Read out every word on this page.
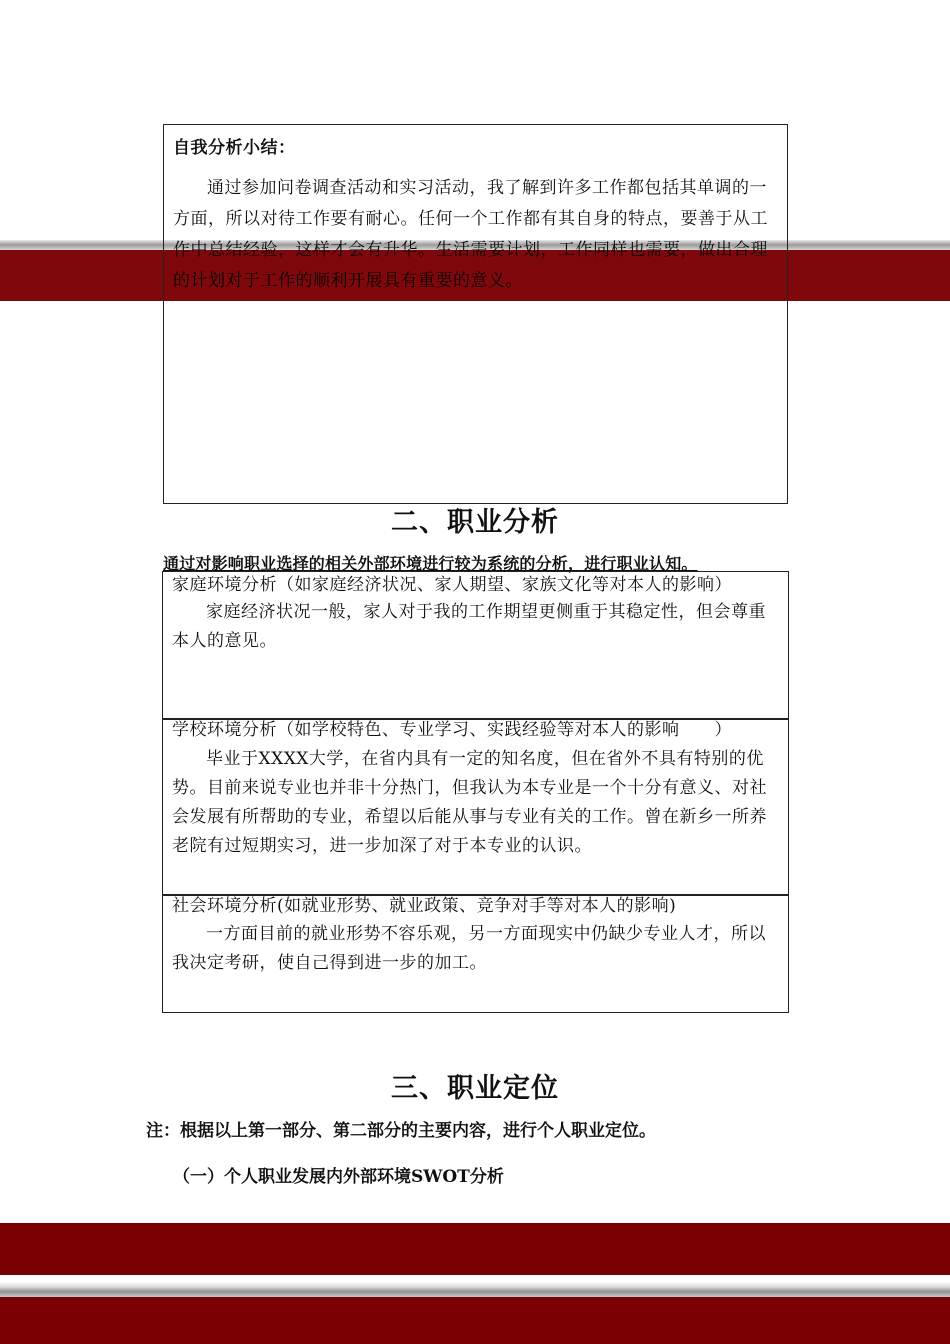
自我分析小结：
通过参加问卷调查活动和实习活动，我了解到许多工作都包括其单调的一方面，所以对待工作要有耐心。任何一个工作都有其自身的特点，要善于从工作中总结经验，这样才会有升华。生活需要计划，工作同样也需要，做出合理的计划对于工作的顺利开展具有重要的意义。
二、职业分析
通过对影响职业选择的相关外部环境进行较为系统的分析，进行职业认知。
家庭环境分析（如家庭经济状况、家人期望、家族文化等对本人的影响）
家庭经济状况一般，家人对于我的工作期望更侧重于其稳定性，但会尊重本人的意见。
学校环境分析（如学校特色、专业学习、实践经验等对本人的影响　　）
毕业于XXXX大学，在省内具有一定的知名度，但在省外不具有特别的优势。目前来说专业也并非十分热门，但我认为本专业是一个十分有意义、对社会发展有所帮助的专业，希望以后能从事与专业有关的工作。曾在新乡一所养老院有过短期实习，进一步加深了对于本专业的认识。
社会环境分析(如就业形势、就业政策、竞争对手等对本人的影响)
一方面目前的就业形势不容乐观，另一方面现实中仍缺少专业人才，所以我决定考研，使自己得到进一步的加工。
三、职业定位
注：根据以上第一部分、第二部分的主要内容，进行个人职业定位。
（一）个人职业发展内外部环境SWOT分析
